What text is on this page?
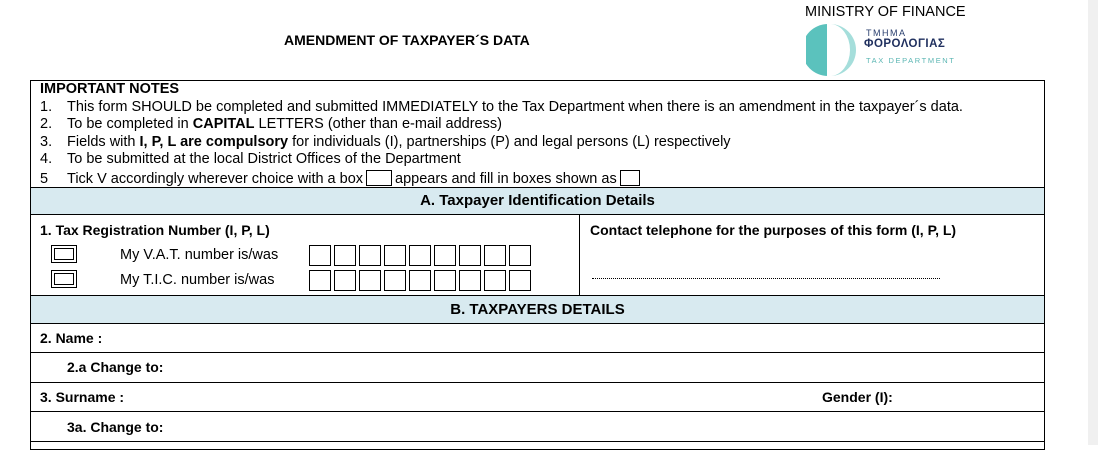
MINISTRY OF FINANCE
AMENDMENT OF TAXPAYER´S DATA	ΤΜΗΜΑ
ΦΟΡΟΛΟΓΙΑΣ
TAX DEPARTMENT
IMPORTANT NOTES
1. This form SHOULD be completed and submitted IMMEDIATELY to the Tax Department when there is an amendment in the taxpayer´s data.
2. To be completed in CAPITAL LETTERS (other than e-mail address)
3. Fields with I, P, L are compulsory for individuals (I), partnerships (P) and legal persons (L) respectively
4. To be submitted at the local District Offices of the Department
5 Tick V accordingly wherever choice with a box appears and fill in boxes shown as
A. Taxpayer Identification Details
1. Tax Registration Number (I, P, L)
My V.A.T. number is/was
My T.I.C. number is/was
Contact telephone for the purposes of this form (I, P, L)
B. TAXPAYERS DETAILS
2. Name :
2.a Change to:
3. Surname :	Gender (I):
3a. Change to:
